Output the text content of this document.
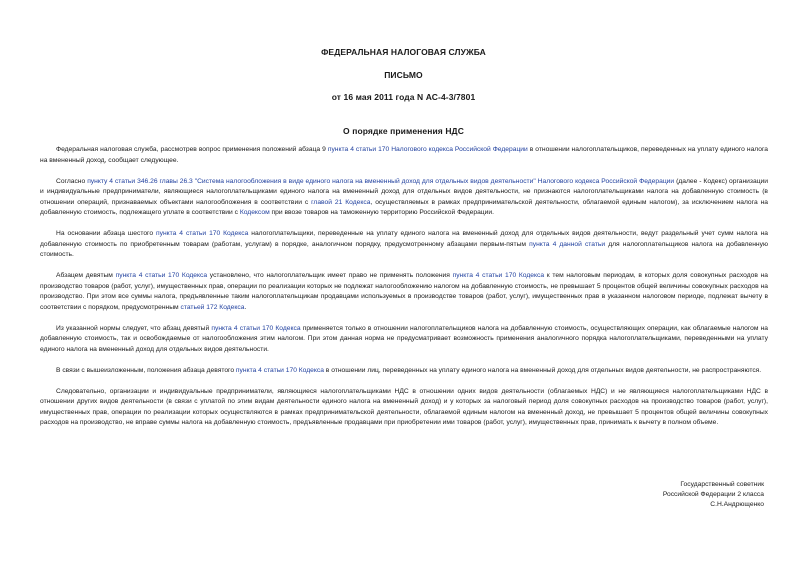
ФЕДЕРАЛЬНАЯ НАЛОГОВАЯ СЛУЖБА
ПИСЬМО
от 16 мая 2011 года N АС-4-3/7801
О порядке применения НДС

Федеральная налоговая служба, рассмотрев вопрос применения положений абзаца 9 пункта 4 статьи 170 Налогового кодекса Российской Федерации в отношении налогоплательщиков, переведенных на уплату единого налога на вмененный доход, сообщает следующее.

Согласно пункту 4 статьи 346.26 главы 26.3 "Система налогообложения в виде единого налога на вмененный доход для отдельных видов деятельности" Налогового кодекса Российской Федерации (далее - Кодекс) организации и индивидуальные предприниматели, являющиеся налогоплательщиками единого налога на вмененный доход для отдельных видов деятельности, не признаются налогоплательщиками налога на добавленную стоимость (в отношении операций, признаваемых объектами налогообложения в соответствии с главой 21 Кодекса, осуществляемых в рамках предпринимательской деятельности, облагаемой единым налогом), за исключением налога на добавленную стоимость, подлежащего уплате в соответствии с Кодексом при ввозе товаров на таможенную территорию Российской Федерации.

На основании абзаца шестого пункта 4 статьи 170 Кодекса налогоплательщики, переведенные на уплату единого налога на вмененный доход для отдельных видов деятельности, ведут раздельный учет сумм налога на добавленную стоимость по приобретенным товарам (работам, услугам) в порядке, аналогичном порядку, предусмотренному абзацами первым-пятым пункта 4 данной статьи для налогоплательщиков налога на добавленную стоимость.

Абзацем девятым пункта 4 статьи 170 Кодекса установлено, что налогоплательщик имеет право не применять положения пункта 4 статьи 170 Кодекса к тем налоговым периодам, в которых доля совокупных расходов на производство товаров (работ, услуг), имущественных прав, операции по реализации которых не подлежат налогообложению налогом на добавленную стоимость, не превышает 5 процентов общей величины совокупных расходов на производство. При этом все суммы налога, предъявленные таким налогоплательщикам продавцами используемых в производстве товаров (работ, услуг), имущественных прав в указанном налоговом периоде, подлежат вычету в соответствии с порядком, предусмотренным статьей 172 Кодекса.

Из указанной нормы следует, что абзац девятый пункта 4 статьи 170 Кодекса применяется только в отношении налогоплательщиков налога на добавленную стоимость, осуществляющих операции, как облагаемые налогом на добавленную стоимость, так и освобождаемые от налогообложения этим налогом. При этом данная норма не предусматривает возможность применения аналогичного порядка налогоплательщиками, переведенными на уплату единого налога на вмененный доход для отдельных видов деятельности.

В связи с вышеизложенным, положения абзаца девятого пункта 4 статьи 170 Кодекса в отношении лиц, переведенных на уплату единого налога на вмененный доход для отдельных видов деятельности, не распространяются.

Следовательно, организации и индивидуальные предприниматели, являющиеся налогоплательщиками НДС в отношении одних видов деятельности (облагаемых НДС) и не являющиеся налогоплательщиками НДС в отношении других видов деятельности (в связи с уплатой по этим видам деятельности единого налога на вмененный доход) и у которых за налоговый период доля совокупных расходов на производство товаров (работ, услуг), имущественных прав, операции по реализации которых осуществляются в рамках предпринимательской деятельности, облагаемой единым налогом на вмененный доход, не превышает 5 процентов общей величины совокупных расходов на производство, не вправе суммы налога на добавленную стоимость, предъявленные продавцами при приобретении ими товаров (работ, услуг), имущественных прав, принимать к вычету в полном объеме.

Государственный советник
Российской Федерации 2 класса
С.Н.Андрющенко
